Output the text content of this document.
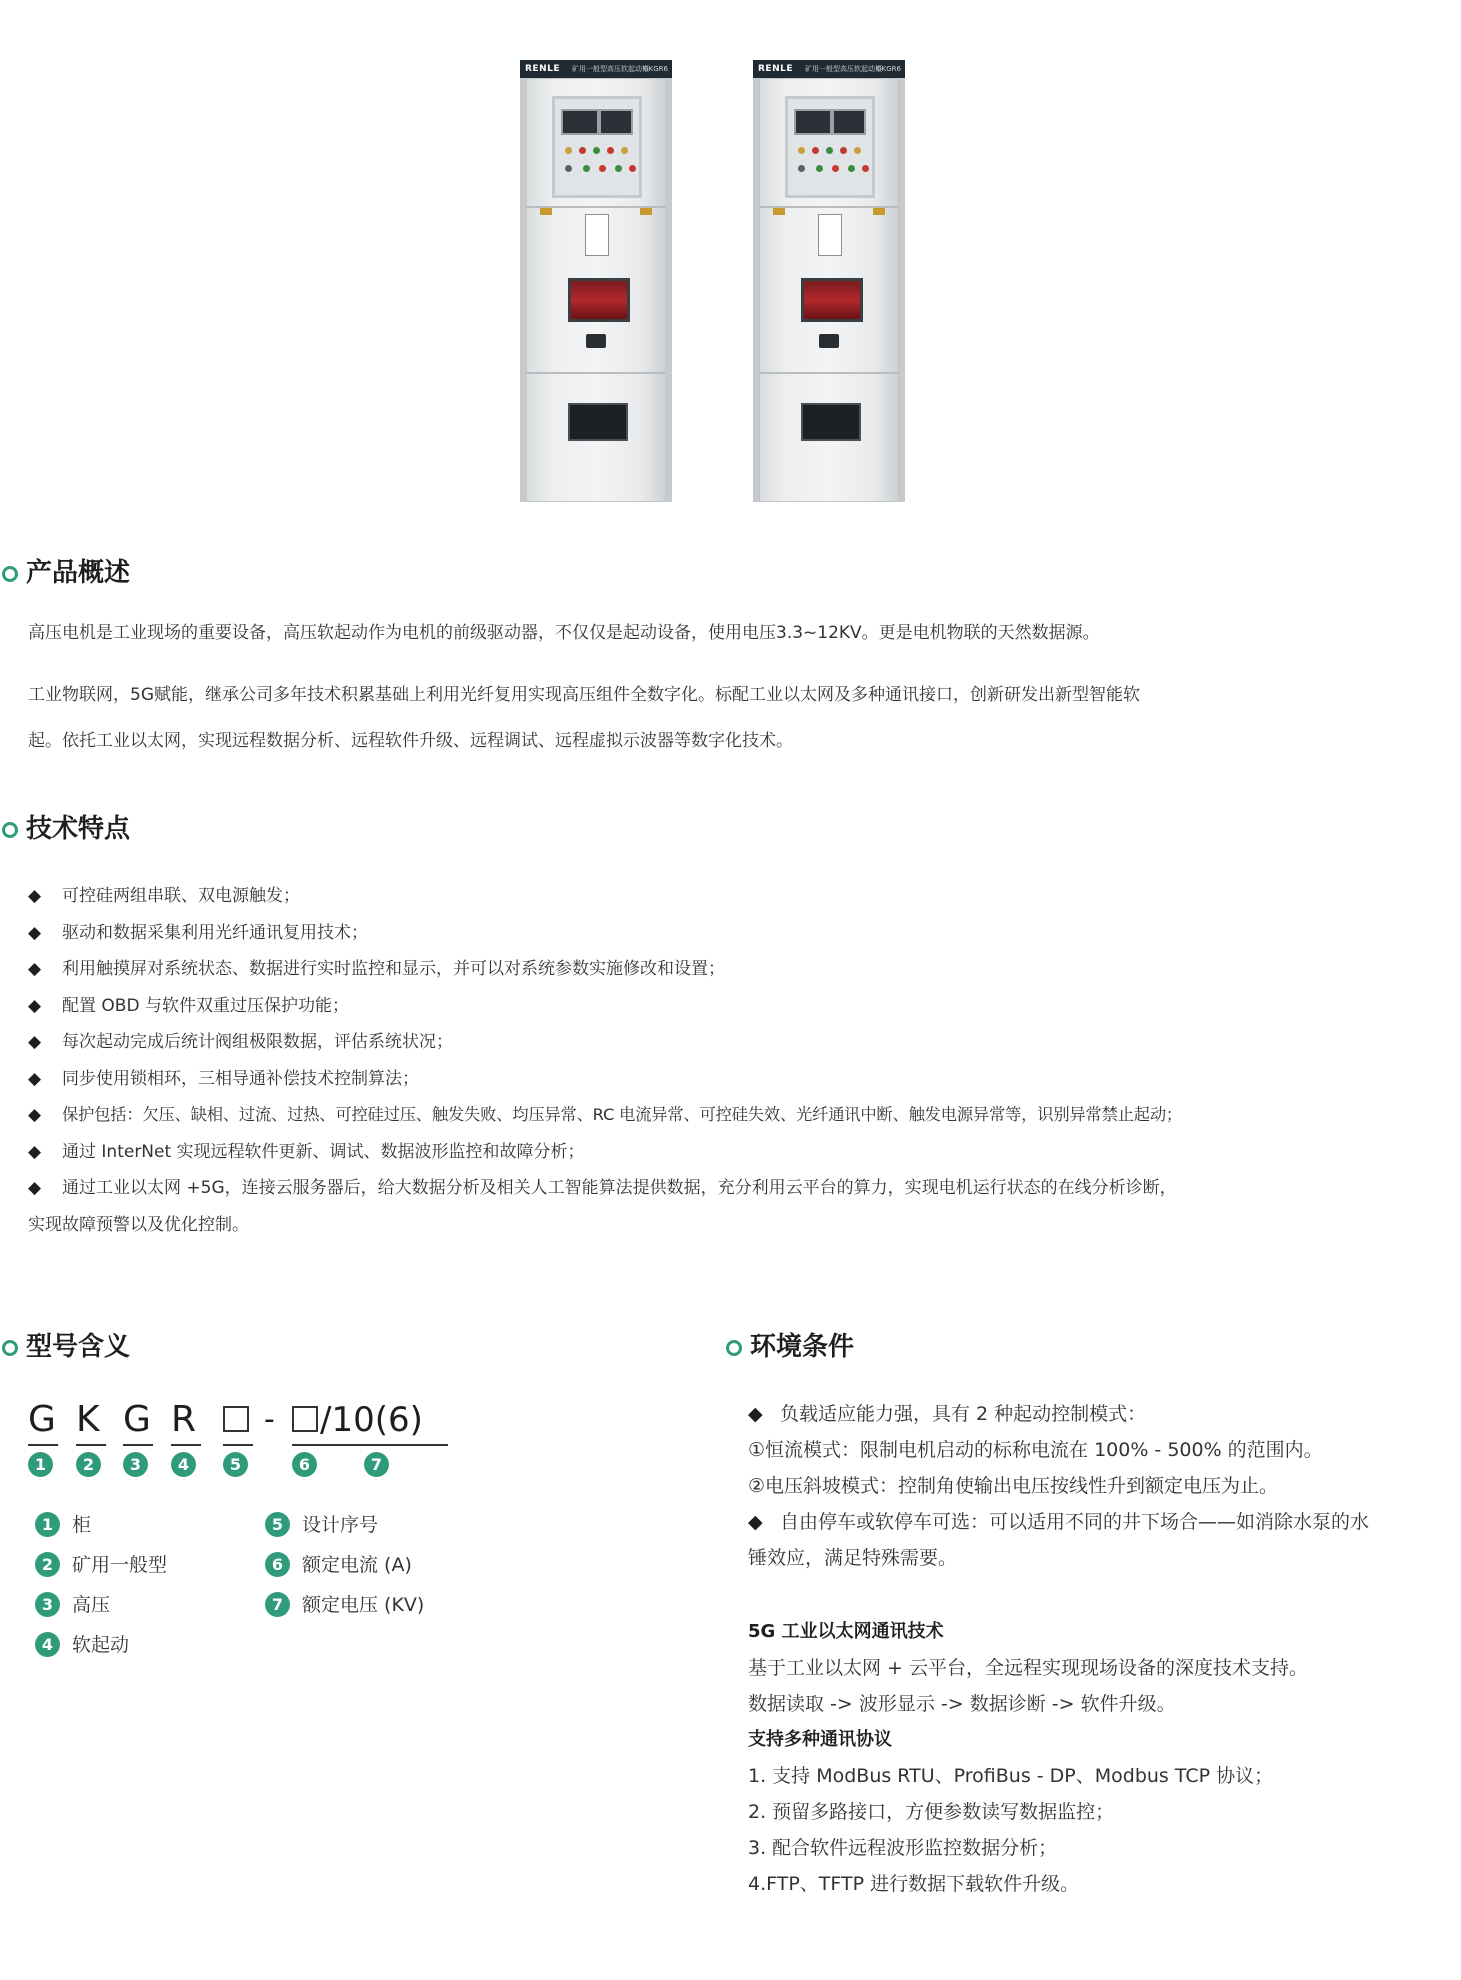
RENLE 矿用一般型高压软起动柜
GKGR6	RENLE 矿用一般型高压软起动柜
GKGR6
产品概述
高压电机是工业现场的重要设备，高压软起动作为电机的前级驱动器，不仅仅是起动设备，使用电压3.3~12KV。更是电机物联的天然数据源。
工业物联网，5G赋能，继承公司多年技术积累基础上利用光纤复用实现高压组件全数字化。标配工业以太网及多种通讯接口，创新研发出新型智能软
起。依托工业以太网，实现远程数据分析、远程软件升级、远程调试、远程虚拟示波器等数字化技术。
技术特点
◆ 可控硅两组串联、双电源触发；
◆ 驱动和数据采集利用光纤通讯复用技术；
◆ 利用触摸屏对系统状态、数据进行实时监控和显示，并可以对系统参数实施修改和设置；
◆ 配置 OBD 与软件双重过压保护功能；
◆ 每次起动完成后统计阀组极限数据，评估系统状况；
◆ 同步使用锁相环，三相导通补偿技术控制算法；
◆ 保护包括：欠压、缺相、过流、过热、可控硅过压、触发失败、均压异常、RC 电流异常、可控硅失效、光纤通讯中断、触发电源异常等，识别异常禁止起动；
◆ 通过 InterNet 实现远程软件更新、调试、数据波形监控和故障分析；
◆ 通过工业以太网 +5G，连接云服务器后，给大数据分析及相关人工智能算法提供数据，充分利用云平台的算力，实现电机运行状态的在线分析诊断，
实现故障预警以及优化控制。
型号含义
G K G R - /10(6)
1	2	3	4	5	6	7
1 柜
2 矿用一般型
3 高压
4 软起动
5 设计序号
6 额定电流 (A)
7 额定电压 (KV)
环境条件
◆ 负载适应能力强，具有 2 种起动控制模式：
①恒流模式：限制电机启动的标称电流在 100% - 500% 的范围内。
②电压斜坡模式：控制角使输出电压按线性升到额定电压为止。
◆ 自由停车或软停车可选：可以适用不同的井下场合——如消除水泵的水
锤效应，满足特殊需要。
5G 工业以太网通讯技术
基于工业以太网 + 云平台，全远程实现现场设备的深度技术支持。
数据读取 -> 波形显示 -> 数据诊断 -> 软件升级。
支持多种通讯协议
1. 支持 ModBus RTU、ProfiBus - DP、Modbus TCP 协议；
2. 预留多路接口，方便参数读写数据监控；
3. 配合软件远程波形监控数据分析；
4.FTP、TFTP 进行数据下载软件升级。
